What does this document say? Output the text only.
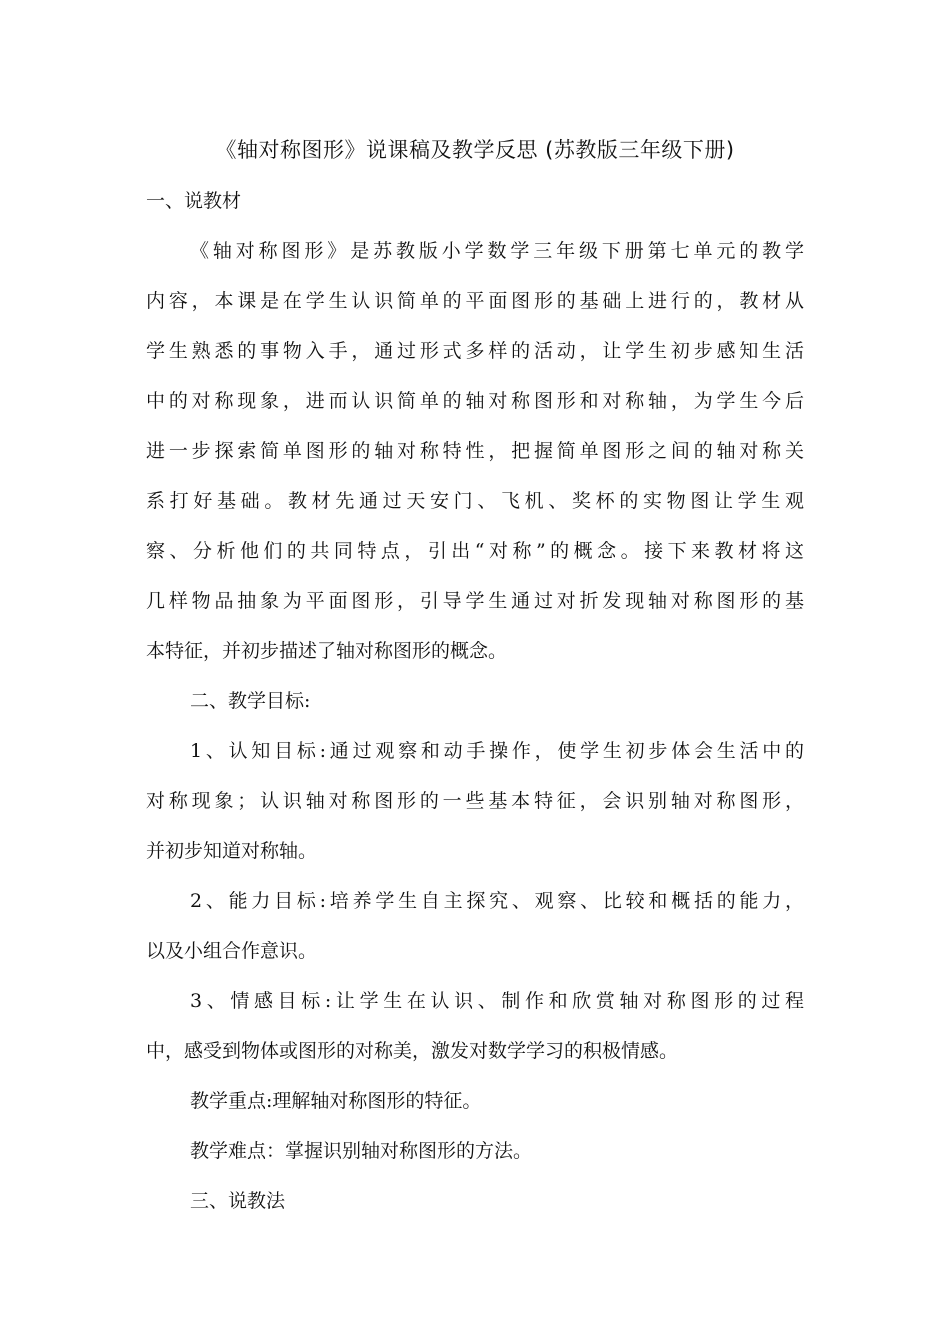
《轴对称图形》说课稿及教学反思 (苏教版三年级下册)
一、说教材
《轴对称图形》是苏教版小学数学三年级下册第七单元的教学
内容，本课是在学生认识简单的平面图形的基础上进行的，教材从
学生熟悉的事物入手，通过形式多样的活动，让学生初步感知生活
中的对称现象，进而认识简单的轴对称图形和对称轴，为学生今后
进一步探索简单图形的轴对称特性，把握简单图形之间的轴对称关
系打好基础。教材先通过天安门、飞机、奖杯的实物图让学生观
察、分析他们的共同特点，引出“对称”的概念。接下来教材将这
几样物品抽象为平面图形，引导学生通过对折发现轴对称图形的基
本特征，并初步描述了轴对称图形的概念。
二、教学目标:
1、认知目标:通过观察和动手操作，使学生初步体会生活中的
对称现象；认识轴对称图形的一些基本特征，会识别轴对称图形，
并初步知道对称轴。
2、能力目标:培养学生自主探究、观察、比较和概括的能力，
以及小组合作意识。
3、情感目标:让学生在认识、制作和欣赏轴对称图形的过程
中，感受到物体或图形的对称美，激发对数学学习的积极情感。
教学重点:理解轴对称图形的特征。
教学难点：掌握识别轴对称图形的方法。
三、说教法
